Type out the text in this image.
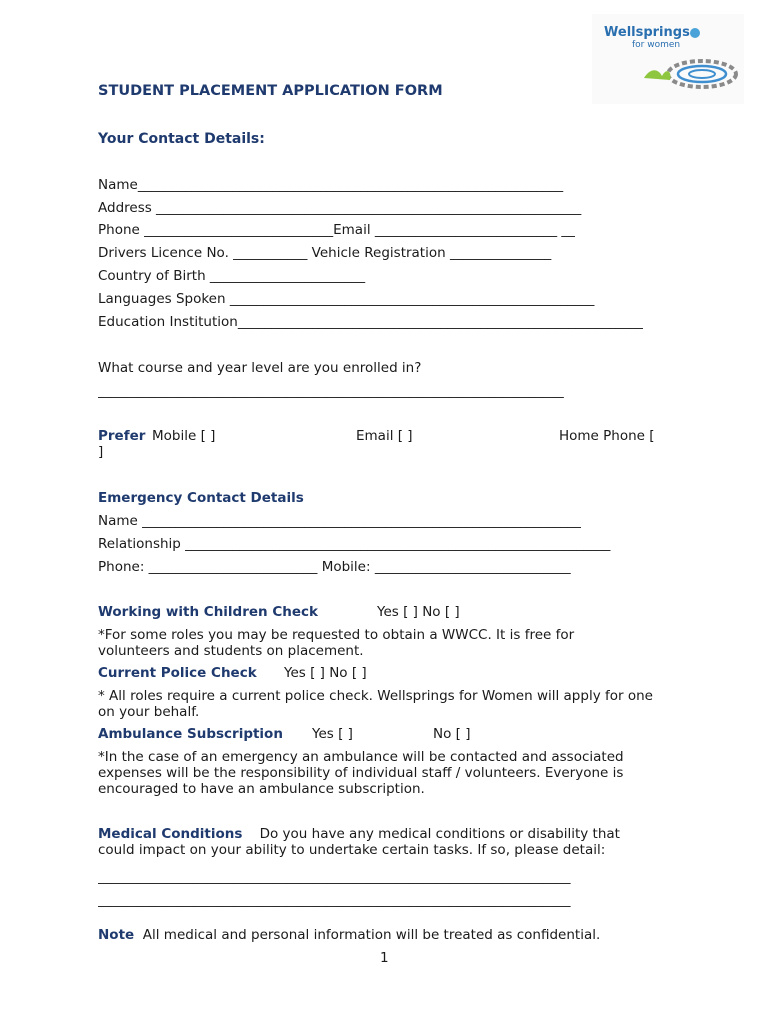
Wellsprings
for women
STUDENT PLACEMENT APPLICATION FORM
Your Contact Details:
Name_______________________________________________________________
Address _______________________________________________________________
Phone ____________________________Email ___________________________ __
Drivers Licence No. ___________ Vehicle Registration _______________
Country of Birth _______________________
Languages Spoken ______________________________________________________
Education Institution____________________________________________________________
What course and year level are you enrolled in?
_____________________________________________________________________
Prefer Mobile [ ]	Email [ ]	Home Phone [
]
Emergency Contact Details
Name _________________________________________________________________
Relationship _______________________________________________________________
Phone: _________________________ Mobile: _____________________________
Working with Children Check	Yes [ ] No [ ]
*For some roles you may be requested to obtain a WWCC. It is free for volunteers and students on placement.
Current Police Check Yes [ ] No [ ]
* All roles require a current police check. Wellsprings for Women will apply for one on your behalf.
Ambulance Subscription Yes [ ]	No [ ]
*In the case of an emergency an ambulance will be contacted and associated expenses will be the responsibility of individual staff / volunteers. Everyone is encouraged to have an ambulance subscription.
Medical Conditions Do you have any medical conditions or disability that could impact on your ability to undertake certain tasks. If so, please detail:
______________________________________________________________________
______________________________________________________________________
Note All medical and personal information will be treated as confidential.
1
